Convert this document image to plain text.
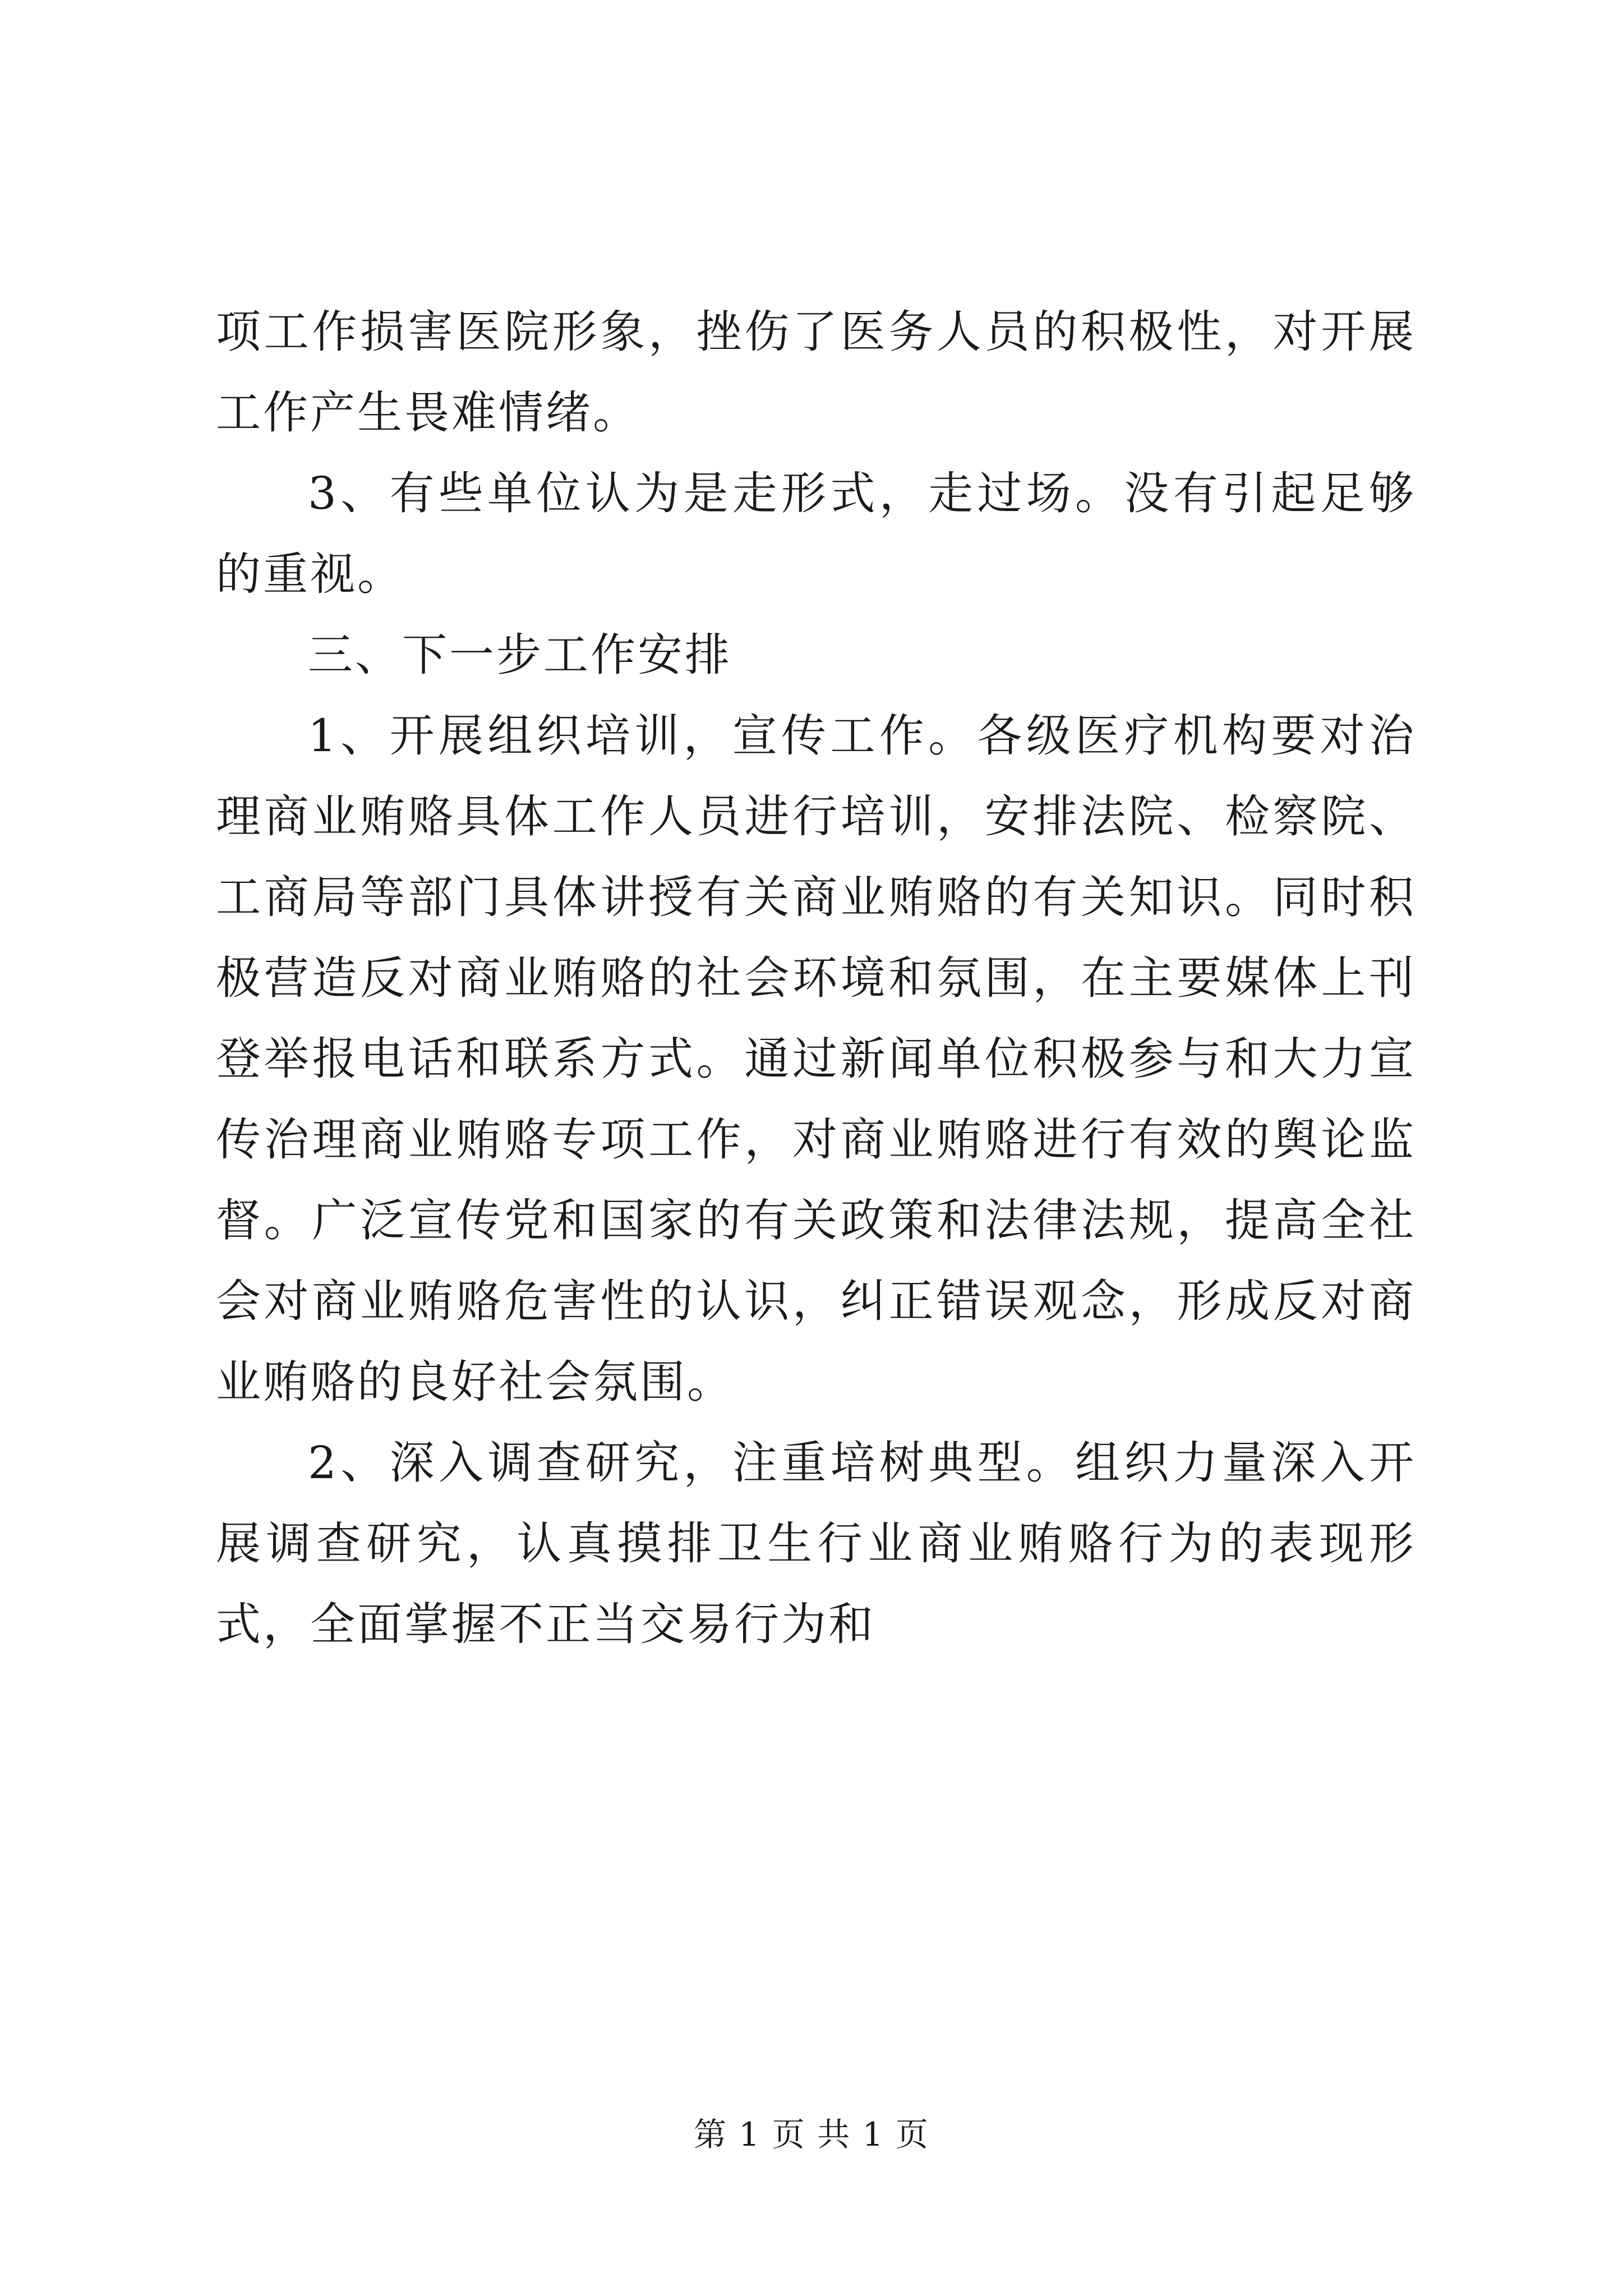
项工作损害医院形象，挫伤了医务人员的积极性，对开展工作产生畏难情绪。

3、有些单位认为是走形式，走过场。没有引起足够的重视。

三、下一步工作安排

1、开展组织培训，宣传工作。各级医疗机构要对治理商业贿赂具体工作人员进行培训，安排法院、检察院、工商局等部门具体讲授有关商业贿赂的有关知识。同时积极营造反对商业贿赂的社会环境和氛围，在主要媒体上刊登举报电话和联系方式。通过新闻单位积极参与和大力宣传治理商业贿赂专项工作，对商业贿赂进行有效的舆论监督。广泛宣传党和国家的有关政策和法律法规，提高全社会对商业贿赂危害性的认识，纠正错误观念，形成反对商业贿赂的良好社会氛围。

2、深入调查研究，注重培树典型。组织力量深入开展调查研究，认真摸排卫生行业商业贿赂行为的表现形式，全面掌握不正当交易行为和

第 1 页 共 1 页
